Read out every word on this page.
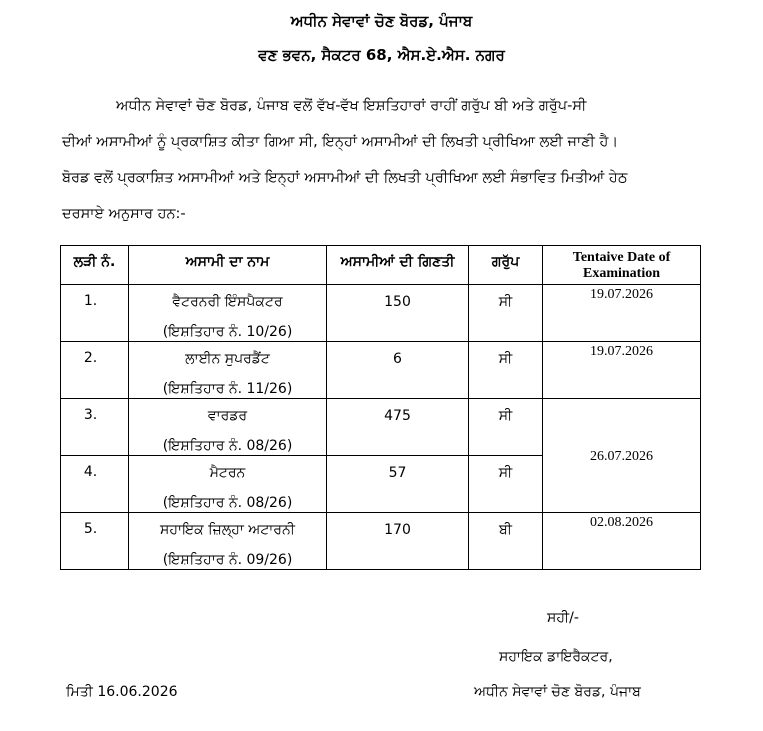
ਅਧੀਨ ਸੇਵਾਵਾਂ ਚੋਣ ਬੋਰਡ, ਪੰਜਾਬ
ਵਣ ਭਵਨ, ਸੈਕਟਰ 68, ਐਸ.ਏ.ਐਸ. ਨਗਰ
ਅਧੀਨ ਸੇਵਾਵਾਂ ਚੋਣ ਬੋਰਡ, ਪੰਜਾਬ ਵਲੋਂ ਵੱਖ-ਵੱਖ ਇਸ਼ਤਿਹਾਰਾਂ ਰਾਹੀਂ ਗਰੁੱਪ ਬੀ ਅਤੇ ਗਰੁੱਪ-ਸੀ
ਦੀਆਂ ਅਸਾਮੀਆਂ ਨੂੰ ਪ੍ਰਕਾਸ਼ਿਤ ਕੀਤਾ ਗਿਆ ਸੀ, ਇਨ੍ਹਾਂ ਅਸਾਮੀਆਂ ਦੀ ਲਿਖਤੀ ਪ੍ਰੀਖਿਆ ਲਈ ਜਾਣੀ ਹੈ।
ਬੋਰਡ ਵਲੋਂ ਪ੍ਰਕਾਸ਼ਿਤ ਅਸਾਮੀਆਂ ਅਤੇ ਇਨ੍ਹਾਂ ਅਸਾਮੀਆਂ ਦੀ ਲਿਖਤੀ ਪ੍ਰੀਖਿਆ ਲਈ ਸੰਭਾਵਿਤ ਮਿਤੀਆਂ ਹੇਠ
ਦਰਸਾਏ ਅਨੁਸਾਰ ਹਨ:-
ਲੜੀ ਨੰ.	ਅਸਾਮੀ ਦਾ ਨਾਮ	ਅਸਾਮੀਆਂ ਦੀ ਗਿਣਤੀ	ਗਰੁੱਪ	Tentaive Date of Examination

1.	ਵੈਟਰਨਰੀ ਇੰਸਪੈਕਟਰ
(ਇਸ਼ਤਿਹਾਰ ਨੰ. 10/26)	150	ਸੀ	19.07.2026

2.	ਲਾਈਨ ਸੁਪਰਡੈਂਟ
(ਇਸ਼ਤਿਹਾਰ ਨੰ. 11/26)	6	ਸੀ	19.07.2026

3.	ਵਾਰਡਰ
(ਇਸ਼ਤਿਹਾਰ ਨੰ. 08/26)	475	ਸੀ	26.07.2026

4.	ਮੈਟਰਨ
(ਇਸ਼ਤਿਹਾਰ ਨੰ. 08/26)	57	ਸੀ	

5.	ਸਹਾਇਕ ਜ਼ਿਲ੍ਹਾ ਅਟਾਰਨੀ
(ਇਸ਼ਤਿਹਾਰ ਨੰ. 09/26)	170	ਬੀ	02.08.2026
ਸਹੀ/-
ਸਹਾਇਕ ਡਾਇਰੈਕਟਰ,
ਮਿਤੀ 16.06.2026	ਅਧੀਨ ਸੇਵਾਵਾਂ ਚੋਣ ਬੋਰਡ, ਪੰਜਾਬ
